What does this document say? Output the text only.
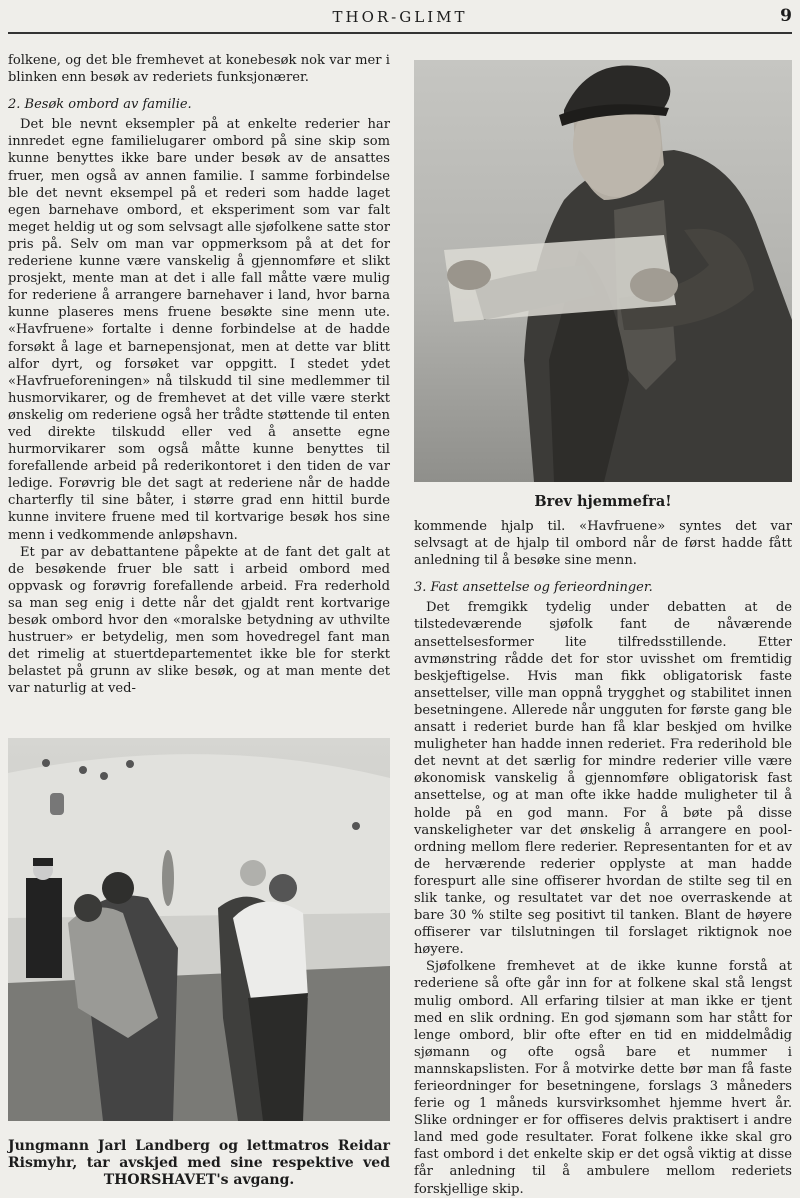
THOR-GLIMT	9

folkene, og det ble fremhevet at konebesøk nok var mer i blinken enn besøk av rederiets funksjonærer.

2. Besøk ombord av familie.

Det ble nevnt eksempler på at enkelte rederier har innredet egne familielugarer ombord på sine skip som kunne benyttes ikke bare under besøk av de ansattes fruer, men også av annen familie. I samme forbindelse ble det nevnt eksempel på et rederi som hadde laget egen barnehave ombord, et eksperiment som var falt meget heldig ut og som selvsagt alle sjøfolkene satte stor pris på. Selv om man var oppmerksom på at det for rederiene kunne være vanskelig å gjennomføre et slikt prosjekt, mente man at det i alle fall måtte være mulig for rederiene å arrangere barnehaver i land, hvor barna kunne plaseres mens fruene besøkte sine menn ute. «Havfruene» fortalte i denne forbindelse at de hadde forsøkt å lage et barnepensjonat, men at dette var blitt alfor dyrt, og forsøket var oppgitt. I stedet ydet «Havfrueforeningen» nå tilskudd til sine medlemmer til husmorvikarer, og de fremhevet at det ville være sterkt ønskelig om rederiene også her trådte støttende til enten ved direkte tilskudd eller ved å ansette egne hurmorvikarer som også måtte kunne benyttes til forefallende arbeid på rederikontoret i den tiden de var ledige. Forøvrig ble det sagt at rederiene når de hadde charterfly til sine båter, i større grad enn hittil burde kunne invitere fruene med til kortvarige besøk hos sine menn i vedkommende anløpshavn.

Et par av debattantene påpekte at de fant det galt at de besøkende fruer ble satt i arbeid ombord med oppvask og forøvrig forefallende arbeid. Fra rederhold sa man seg enig i dette når det gjaldt rent kortvarige besøk ombord hvor den «moralske betydning av uthvilte hustruer» er betydelig, men som hovedregel fant man det rimelig at stuertdepartementet ikke ble for sterkt belastet på grunn av slike besøk, og at man mente det var naturlig at ved-

Brev hjemmefra!

kommende hjalp til. «Havfruene» syntes det var selvsagt at de hjalp til ombord når de først hadde fått anledning til å besøke sine menn.

3. Fast ansettelse og ferieordninger.

Det fremgikk tydelig under debatten at de tilstedeværende sjøfolk fant de nåværende ansettelsesformer lite tilfredsstillende. Etter avmønstring rådde det for stor uvisshet om fremtidig beskjeftigelse. Hvis man fikk obligatorisk faste ansettelser, ville man oppnå trygghet og stabilitet innen besetningene. Allerede når ungguten for første gang ble ansatt i rederiet burde han få klar beskjed om hvilke muligheter han hadde innen rederiet. Fra rederihold ble det nevnt at det særlig for mindre rederier ville være økonomisk vanskelig å gjennomføre obligatorisk fast ansettelse, og at man ofte ikke hadde muligheter til å holde på en god mann. For å bøte på disse vanskeligheter var det ønskelig å arrangere en pool-ordning mellom flere rederier. Representanten for et av de herværende rederier opplyste at man hadde forespurt alle sine offiserer hvordan de stilte seg til en slik tanke, og resultatet var det noe overraskende at bare 30 % stilte seg positivt til tanken. Blant de høyere offiserer var tilslutningen til forslaget riktignok noe høyere.

Sjøfolkene fremhevet at de ikke kunne forstå at rederiene så ofte går inn for at folkene skal stå lengst mulig ombord. All erfaring tilsier at man ikke er tjent med en slik ordning. En god sjømann som har stått for lenge ombord, blir ofte efter en tid en middelmådig sjømann og ofte også bare et nummer i mannskapslisten. For å motvirke dette bør man få faste ferieordninger for besetningene, forslags 3 måneders ferie og 1 måneds kursvirksomhet hjemme hvert år. Slike ordninger er for offiseres delvis praktisert i andre land med gode resultater. Forat folkene ikke skal gro fast ombord i det enkelte skip er det også viktig at disse får anledning til å ambulere mellom rederiets forskjellige skip.

Jungmann Jarl Landberg og lettmatros Reidar Rismyhr, tar avskjed med sine respektive ved THORSHAVET's avgang.
